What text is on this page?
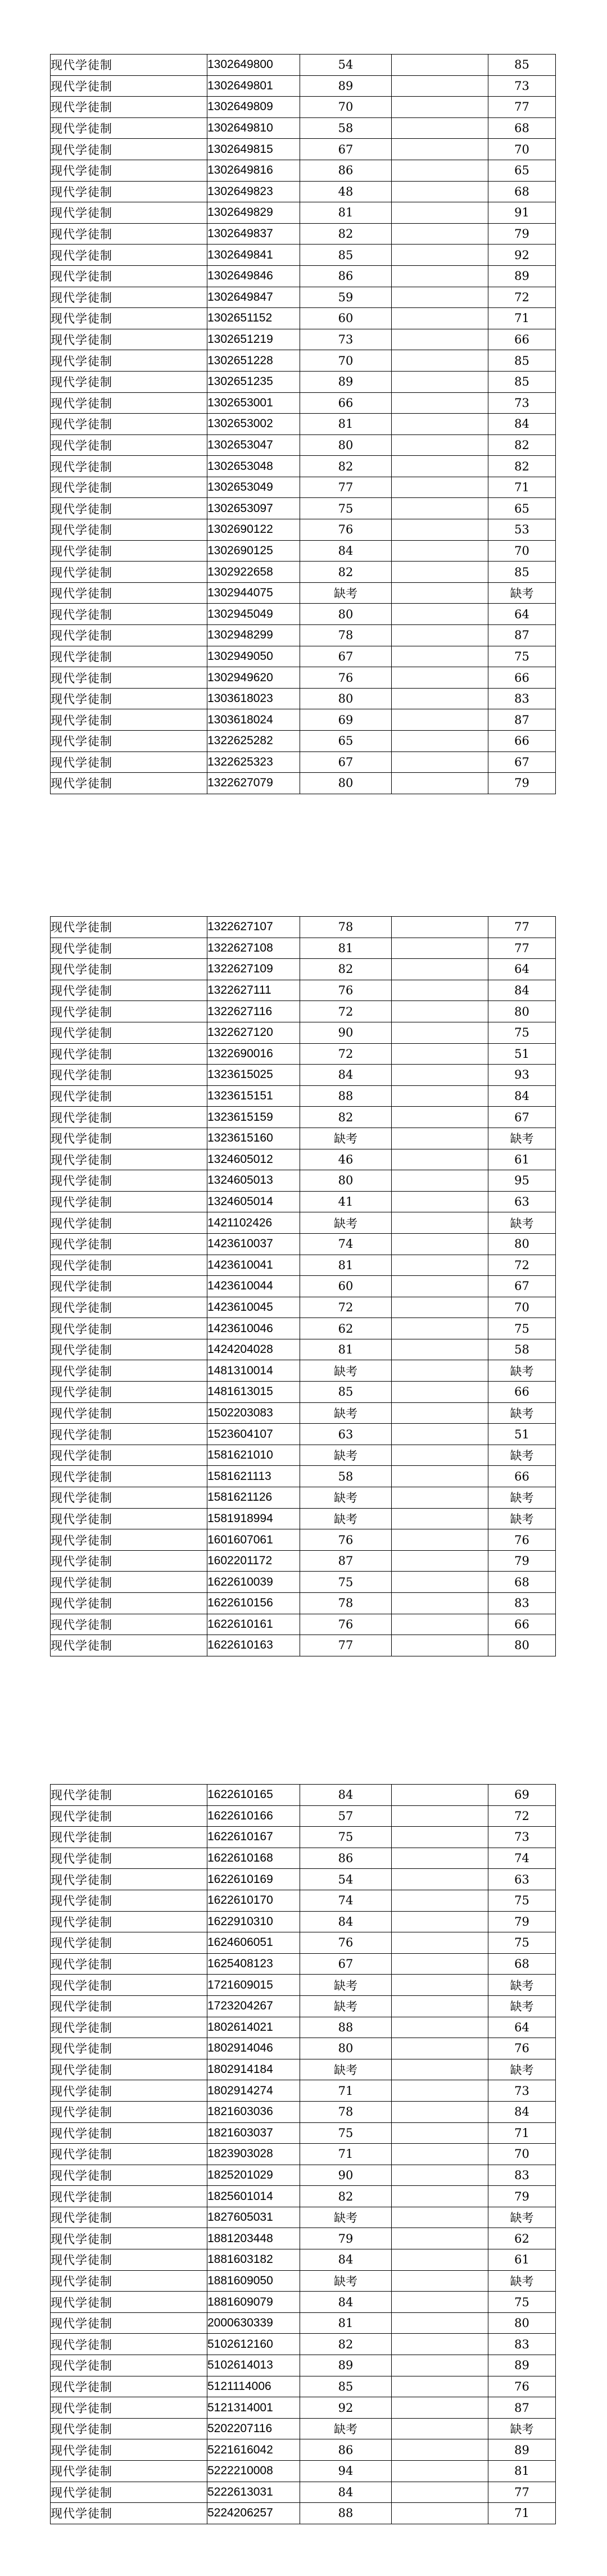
现代学徒制	1302649800	54		85
现代学徒制	1302649801	89		73
现代学徒制	1302649809	70		77
现代学徒制	1302649810	58		68
现代学徒制	1302649815	67		70
现代学徒制	1302649816	86		65
现代学徒制	1302649823	48		68
现代学徒制	1302649829	81		91
现代学徒制	1302649837	82		79
现代学徒制	1302649841	85		92
现代学徒制	1302649846	86		89
现代学徒制	1302649847	59		72
现代学徒制	1302651152	60		71
现代学徒制	1302651219	73		66
现代学徒制	1302651228	70		85
现代学徒制	1302651235	89		85
现代学徒制	1302653001	66		73
现代学徒制	1302653002	81		84
现代学徒制	1302653047	80		82
现代学徒制	1302653048	82		82
现代学徒制	1302653049	77		71
现代学徒制	1302653097	75		65
现代学徒制	1302690122	76		53
现代学徒制	1302690125	84		70
现代学徒制	1302922658	82		85
现代学徒制	1302944075	缺考		缺考
现代学徒制	1302945049	80		64
现代学徒制	1302948299	78		87
现代学徒制	1302949050	67		75
现代学徒制	1302949620	76		66
现代学徒制	1303618023	80		83
现代学徒制	1303618024	69		87
现代学徒制	1322625282	65		66
现代学徒制	1322625323	67		67
现代学徒制	1322627079	80		79
现代学徒制	1322627107	78		77
现代学徒制	1322627108	81		77
现代学徒制	1322627109	82		64
现代学徒制	1322627111	76		84
现代学徒制	1322627116	72		80
现代学徒制	1322627120	90		75
现代学徒制	1322690016	72		51
现代学徒制	1323615025	84		93
现代学徒制	1323615151	88		84
现代学徒制	1323615159	82		67
现代学徒制	1323615160	缺考		缺考
现代学徒制	1324605012	46		61
现代学徒制	1324605013	80		95
现代学徒制	1324605014	41		63
现代学徒制	1421102426	缺考		缺考
现代学徒制	1423610037	74		80
现代学徒制	1423610041	81		72
现代学徒制	1423610044	60		67
现代学徒制	1423610045	72		70
现代学徒制	1423610046	62		75
现代学徒制	1424204028	81		58
现代学徒制	1481310014	缺考		缺考
现代学徒制	1481613015	85		66
现代学徒制	1502203083	缺考		缺考
现代学徒制	1523604107	63		51
现代学徒制	1581621010	缺考		缺考
现代学徒制	1581621113	58		66
现代学徒制	1581621126	缺考		缺考
现代学徒制	1581918994	缺考		缺考
现代学徒制	1601607061	76		76
现代学徒制	1602201172	87		79
现代学徒制	1622610039	75		68
现代学徒制	1622610156	78		83
现代学徒制	1622610161	76		66
现代学徒制	1622610163	77		80
现代学徒制	1622610165	84		69
现代学徒制	1622610166	57		72
现代学徒制	1622610167	75		73
现代学徒制	1622610168	86		74
现代学徒制	1622610169	54		63
现代学徒制	1622610170	74		75
现代学徒制	1622910310	84		79
现代学徒制	1624606051	76		75
现代学徒制	1625408123	67		68
现代学徒制	1721609015	缺考		缺考
现代学徒制	1723204267	缺考		缺考
现代学徒制	1802614021	88		64
现代学徒制	1802914046	80		76
现代学徒制	1802914184	缺考		缺考
现代学徒制	1802914274	71		73
现代学徒制	1821603036	78		84
现代学徒制	1821603037	75		71
现代学徒制	1823903028	71		70
现代学徒制	1825201029	90		83
现代学徒制	1825601014	82		79
现代学徒制	1827605031	缺考		缺考
现代学徒制	1881203448	79		62
现代学徒制	1881603182	84		61
现代学徒制	1881609050	缺考		缺考
现代学徒制	1881609079	84		75
现代学徒制	2000630339	81		80
现代学徒制	5102612160	82		83
现代学徒制	5102614013	89		89
现代学徒制	5121114006	85		76
现代学徒制	5121314001	92		87
现代学徒制	5202207116	缺考		缺考
现代学徒制	5221616042	86		89
现代学徒制	5222210008	94		81
现代学徒制	5222613031	84		77
现代学徒制	5224206257	88		71
